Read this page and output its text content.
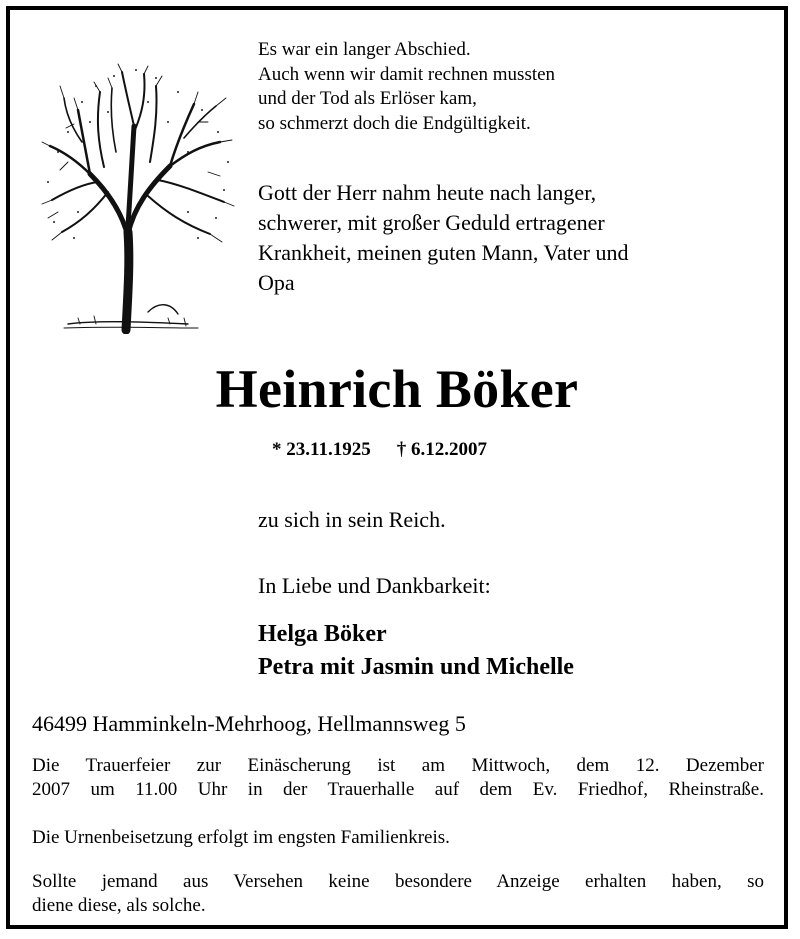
Es war ein langer Abschied.
Auch wenn wir damit rechnen mussten
und der Tod als Erlöser kam,
so schmerzt doch die Endgültigkeit.
Gott der Herr nahm heute nach langer,
schwerer, mit großer Geduld ertragener
Krankheit, meinen guten Mann, Vater und
Opa
Heinrich Böker
* 23.11.1925 † 6.12.2007
zu sich in sein Reich.
In Liebe und Dankbarkeit:
Helga Böker
Petra mit Jasmin und Michelle
46499 Hamminkeln-Mehrhoog, Hellmannsweg 5
Die Trauerfeier zur Einäscherung ist am Mittwoch, dem 12. Dezember
2007 um 11.00 Uhr in der Trauerhalle auf dem Ev. Friedhof, Rheinstraße.
Die Urnenbeisetzung erfolgt im engsten Familienkreis.
Sollte jemand aus Versehen keine besondere Anzeige erhalten haben, so
diene diese, als solche.
